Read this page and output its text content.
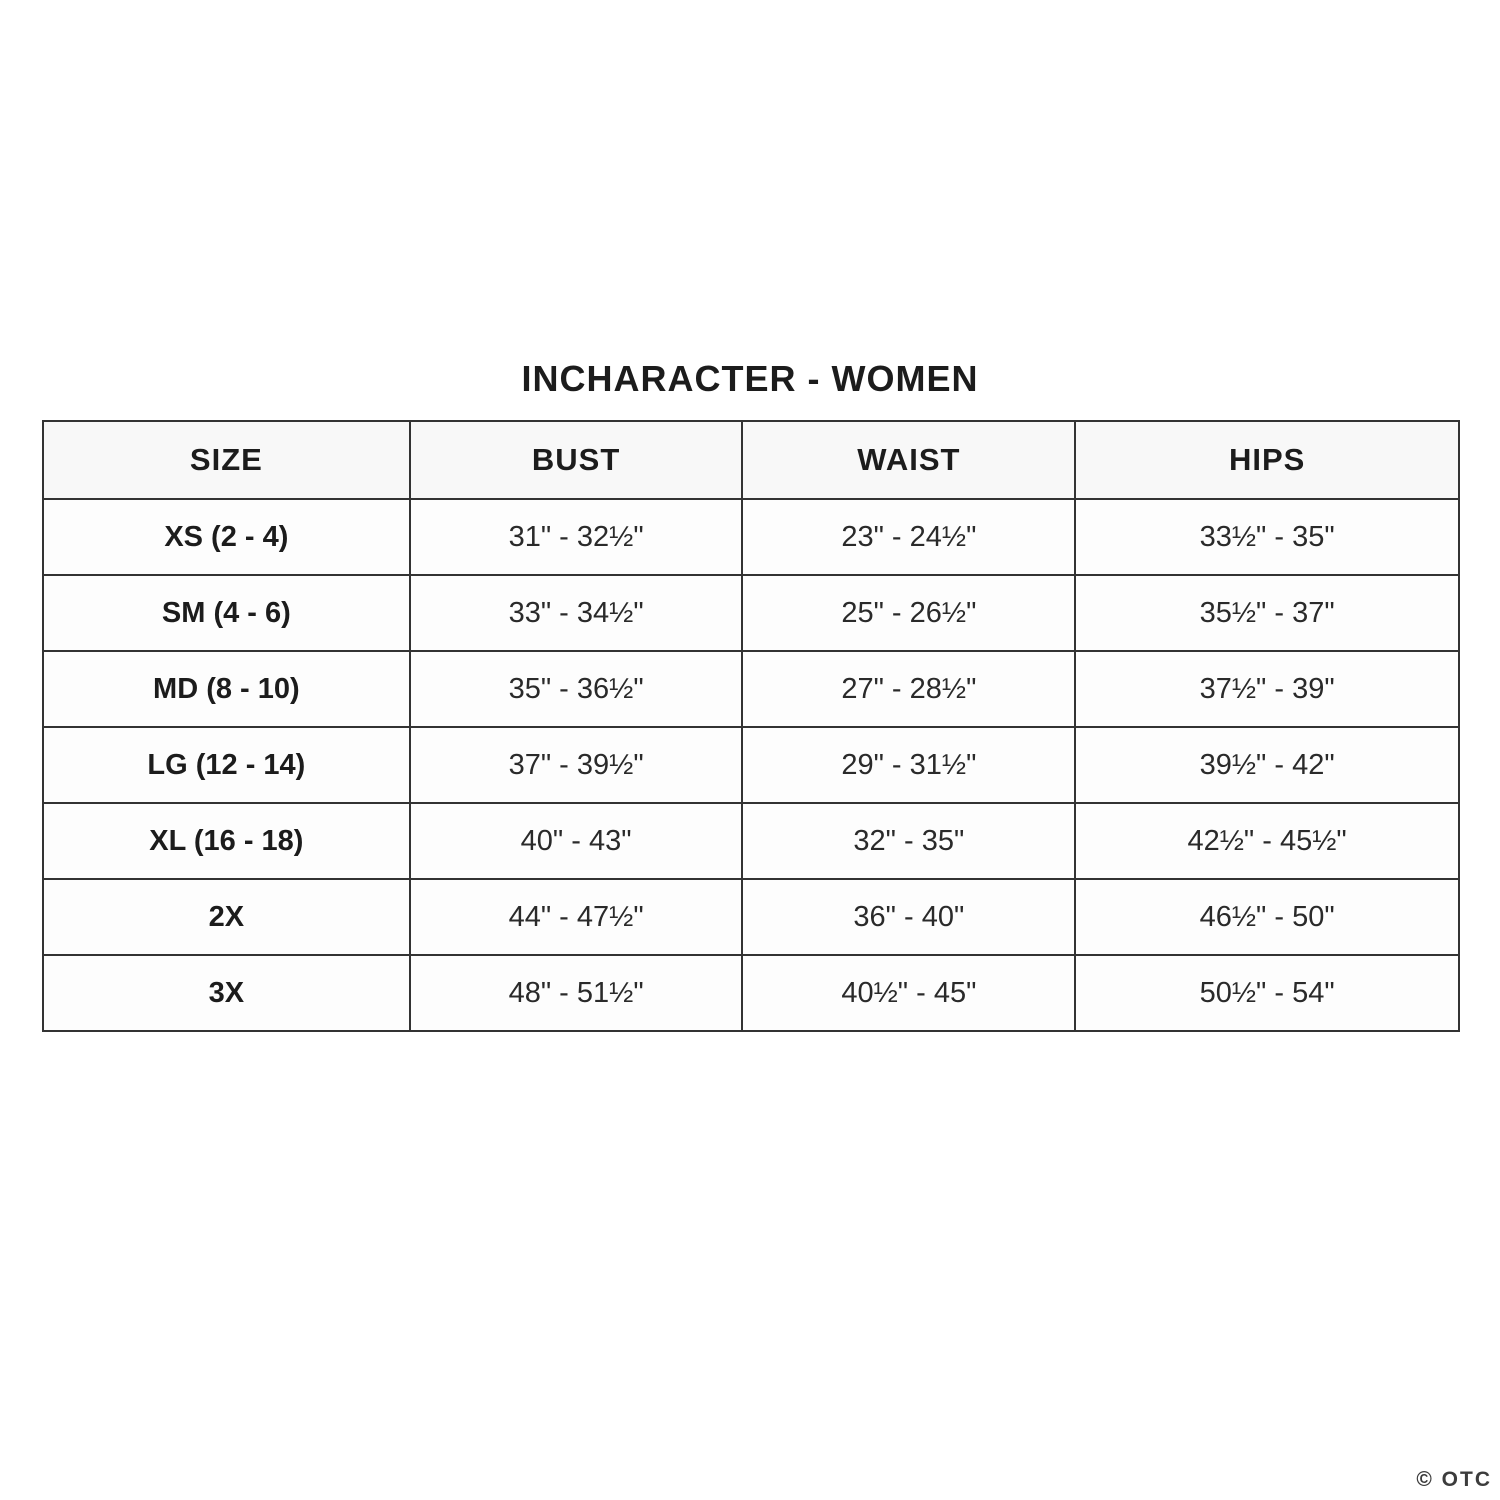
INCHARACTER - WOMEN
SIZE	BUST	WAIST	HIPS
XS (2 - 4)	31" - 32½"	23" - 24½"	33½" - 35"
SM (4 - 6)	33" - 34½"	25" - 26½"	35½" - 37"
MD (8 - 10)	35" - 36½"	27" - 28½"	37½" - 39"
LG (12 - 14)	37" - 39½"	29" - 31½"	39½" - 42"
XL (16 - 18)	40" - 43"	32" - 35"	42½" - 45½"
2X	44" - 47½"	36" - 40"	46½" - 50"
3X	48" - 51½"	40½" - 45"	50½" - 54"
© OTC
